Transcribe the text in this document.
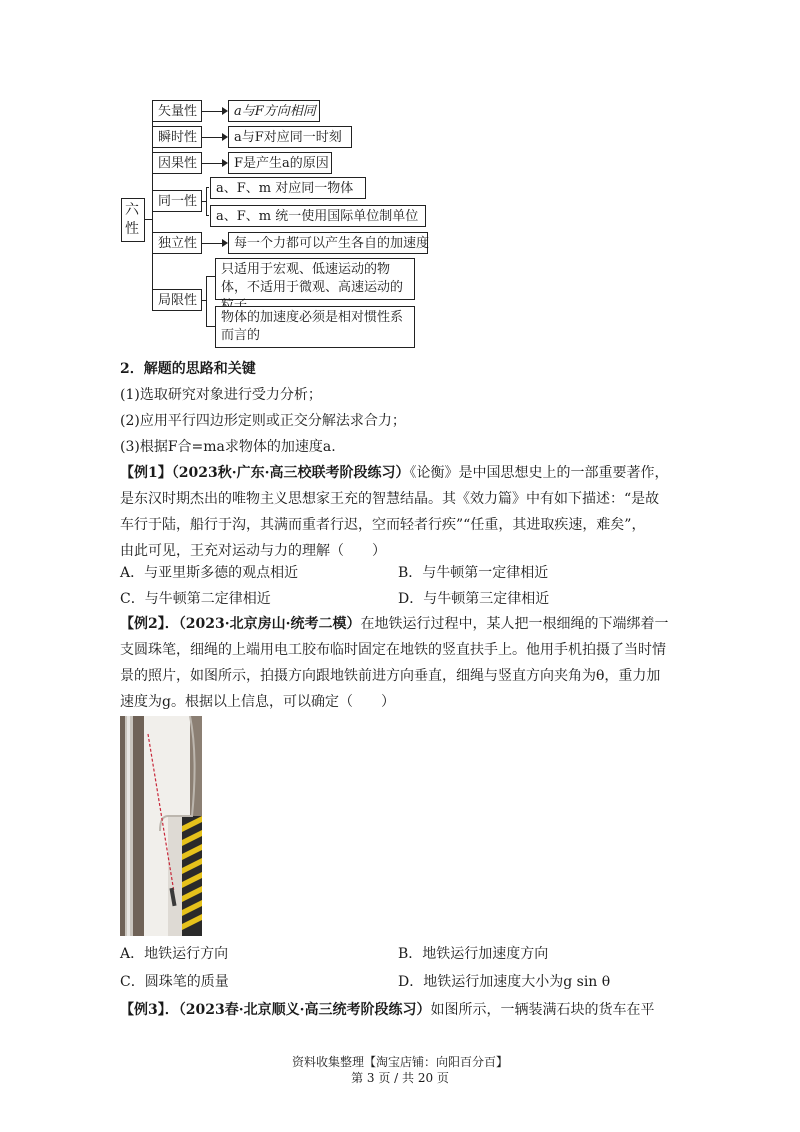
六性
矢量性	a与F方向相同
瞬时性	a与F对应同一时刻
因果性	F是产生a的原因
同一性
a、F、m 对应同一物体
a、F、m 统一使用国际单位制单位
独立性	每一个力都可以产生各自的加速度
局限性
只适用于宏观、低速运动的物体，不适用于微观、高速运动的
物体的加速度必须是相对惯性系而言的
2．解题的思路和关键
(1)选取研究对象进行受力分析；
(2)应用平行四边形定则或正交分解法求合力；
(3)根据F合=ma求物体的加速度a.
【例1】（2023秋·广东·高三校联考阶段练习）《论衡》是中国思想史上的一部重要著作，
是东汉时期杰出的唯物主义思想家王充的智慧结晶。其《效力篇》中有如下描述：“是故
车行于陆，船行于沟，其满而重者行迟，空而轻者行疾”“任重，其进取疾速，难矣”，
由此可见，王充对运动与力的理解（　　）
A．与亚里斯多德的观点相近	B．与牛顿第一定律相近
C．与牛顿第二定律相近	D．与牛顿第三定律相近
【例2】．（2023·北京房山·统考二模）在地铁运行过程中，某人把一根细绳的下端绑着一
支圆珠笔，细绳的上端用电工胶布临时固定在地铁的竖直扶手上。他用手机拍摄了当时情
景的照片，如图所示，拍摄方向跟地铁前进方向垂直，细绳与竖直方向夹角为θ，重力加
速度为g。根据以上信息，可以确定（　　）
A．地铁运行方向	B．地铁运行加速度方向
C．圆珠笔的质量	D．地铁运行加速度大小为g sin θ
【例3】．（2023春·北京顺义·高三统考阶段练习）如图所示，一辆装满石块的货车在平
资料收集整理【淘宝店铺：向阳百分百】
第 3 页 / 共 20 页
